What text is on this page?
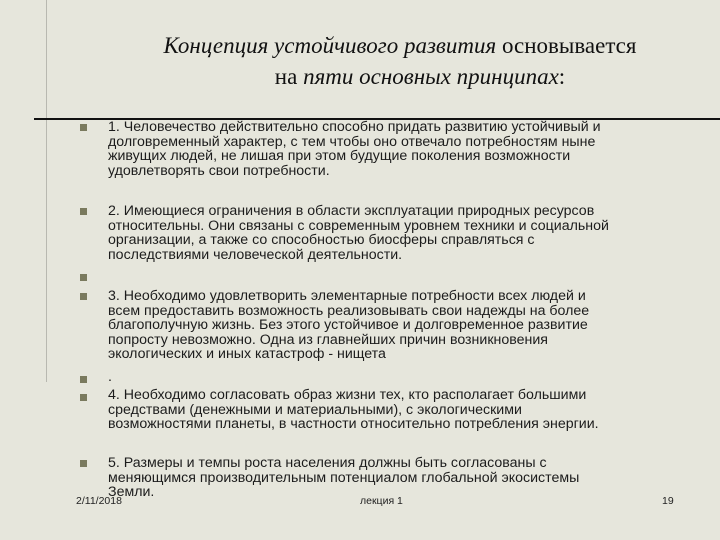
Концепция устойчивого развития основывается
на пяти основных принципах:
1. Человечество действительно способно придать развитию устойчивый и
долговременный характер, с тем чтобы оно отвечало потребностям ныне
живущих людей, не лишая при этом будущие поколения возможности
удовлетворять свои потребности.
2. Имеющиеся ограничения в области эксплуатации природных ресурсов
относительны. Они связаны с современным уровнем техники и социальной
организации, а также со способностью биосферы справляться с
последствиями человеческой деятельности.
3. Необходимо удовлетворить элементарные потребности всех людей и
всем предоставить возможность реализовывать свои надежды на более
благополучную жизнь. Без этого устойчивое и долговременное развитие
попросту невозможно. Одна из главнейших причин возникновения
экологических и иных катастроф - нищета
.
4. Необходимо согласовать образ жизни тех, кто располагает большими
средствами (денежными и материальными), с экологическими
возможностями планеты, в частности относительно потребления энергии.
5. Размеры и темпы роста населения должны быть согласованы с
меняющимся производительным потенциалом глобальной экосистемы
Земли.
2/11/2018	лекция 1	19
